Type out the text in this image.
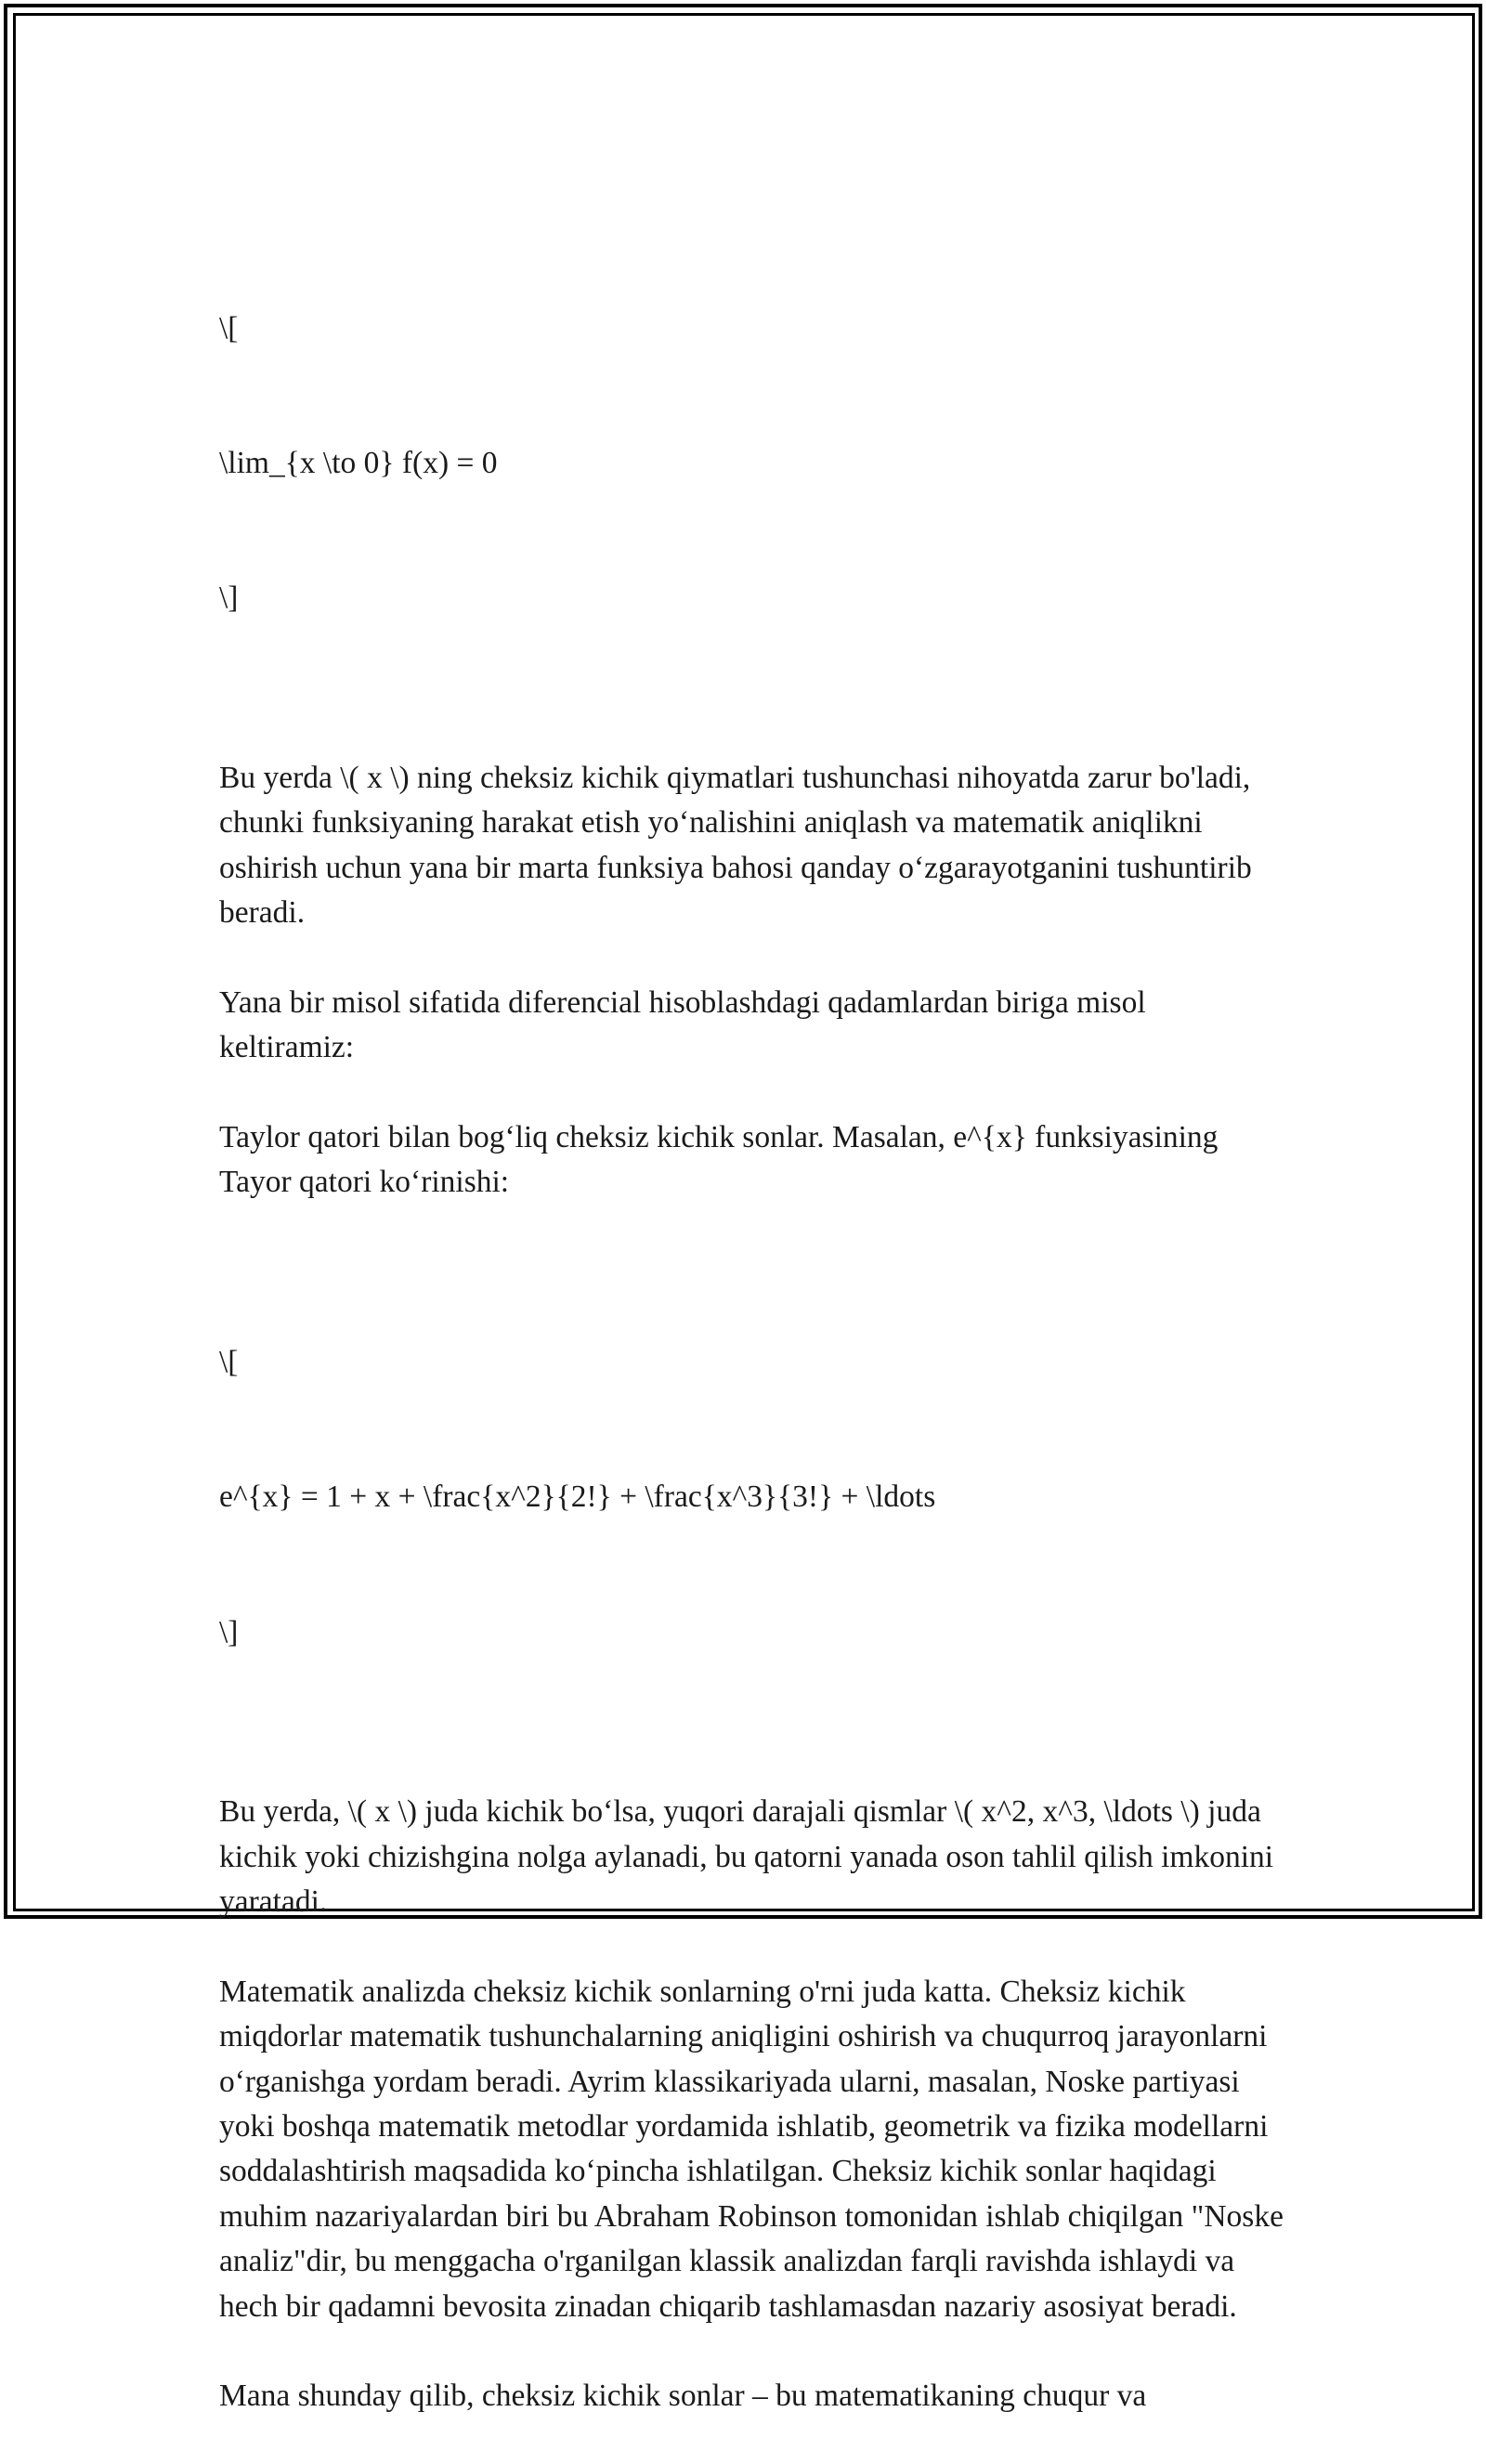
\[

\lim_{x \to 0} f(x) = 0

\]

Bu yerda \( x \) ning cheksiz kichik qiymatlari tushunchasi nihoyatda zarur bo'ladi, chunki funksiyaning harakat etish yo‘nalishini aniqlash va matematik aniqlikni oshirish uchun yana bir marta funksiya bahosi qanday o‘zgarayotganini tushuntirib beradi.

Yana bir misol sifatida diferencial hisoblashdagi qadamlardan biriga misol keltiramiz:

Taylor qatori bilan bog‘liq cheksiz kichik sonlar. Masalan, e^{x} funksiyasining Tayor qatori ko‘rinishi:

\[

e^{x} = 1 + x + \frac{x^2}{2!} + \frac{x^3}{3!} + \ldots

\]

Bu yerda, \( x \) juda kichik bo‘lsa, yuqori darajali qismlar \( x^2, x^3, \ldots \) juda kichik yoki chizishgina nolga aylanadi, bu qatorni yanada oson tahlil qilish imkonini yaratadi.

Matematik analizda cheksiz kichik sonlarning o'rni juda katta. Cheksiz kichik miqdorlar matematik tushunchalarning aniqligini oshirish va chuqurroq jarayonlarni o‘rganishga yordam beradi. Ayrim klassikariyada ularni, masalan, Noske partiyasi yoki boshqa matematik metodlar yordamida ishlatib, geometrik va fizika modellarni soddalashtirish maqsadida ko‘pincha ishlatilgan. Cheksiz kichik sonlar haqidagi muhim nazariyalardan biri bu Abraham Robinson tomonidan ishlab chiqilgan "Noske analiz"dir, bu menggacha o'rganilgan klassik analizdan farqli ravishda ishlaydi va hech bir qadamni bevosita zinadan chiqarib tashlamasdan nazariy asosiyat beradi.

Mana shunday qilib, cheksiz kichik sonlar – bu matematikaning chuqur va
